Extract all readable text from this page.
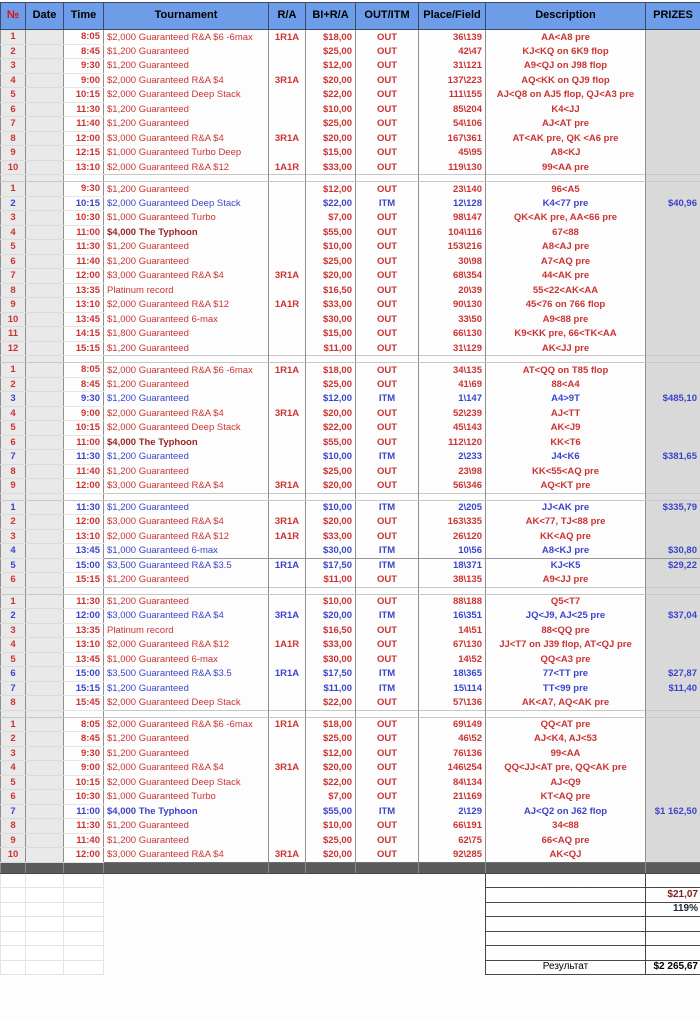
№	Date	Time	Tournament	R/A	BI+R/A	OUT/ITM	Place/Field	Description	PRIZES
1		8:05	$2,000 Guaranteed R&A $6 -6max	1R1A	$18,00	OUT	36\139	AA<A8 pre	
2		8:45	$1,200 Guaranteed		$25,00	OUT	42\47	KJ<KQ on 6K9 flop	
3		9:30	$1,200 Guaranteed		$12,00	OUT	31\121	A9<QJ on J98 flop	
4		9:00	$2,000 Guaranteed R&A $4	3R1A	$20,00	OUT	137\223	AQ<KK on QJ9 flop	
5		10:15	$2,000 Guaranteed Deep Stack		$22,00	OUT	111\155	AJ<Q8 on AJ5 flop, QJ<A3 pre	
6		11:30	$1,200 Guaranteed		$10,00	OUT	85\204	K4<JJ	
7		11:40	$1,200 Guaranteed		$25,00	OUT	54\106	AJ<AT pre	
8		12:00	$3,000 Guaranteed R&A $4	3R1A	$20,00	OUT	167\361	AT<AK pre, QK <A6 pre	
9		12:15	$1,000 Guaranteed Turbo Deep		$15,00	OUT	45\95	A8<KJ	
10		13:10	$2,000 Guaranteed R&A $12	1A1R	$33,00	OUT	119\130	99<AA pre	

1		9:30	$1,200 Guaranteed		$12,00	OUT	23\140	96<A5	
2		10:15	$2,000 Guaranteed Deep Stack		$22,00	ITM	12\128	K4<77 pre	$40,96
3		10:30	$1,000 Guaranteed Turbo		$7,00	OUT	98\147	QK<AK pre, AA<66 pre	
4		11:00	$4,000 The Typhoon		$55,00	OUT	104\116	67<88	
5		11:30	$1,200 Guaranteed		$10,00	OUT	153\216	A8<AJ pre	
6		11:40	$1,200 Guaranteed		$25,00	OUT	30\98	A7<AQ pre	
7		12:00	$3,000 Guaranteed R&A $4	3R1A	$20,00	OUT	68\354	44<AK pre	
8		13:35	Platinum record		$16,50	OUT	20\39	55<22<AK<AA	
9		13:10	$2,000 Guaranteed R&A $12	1A1R	$33,00	OUT	90\130	45<76 on 766 flop	
10		13:45	$1,000 Guaranteed 6-max		$30,00	OUT	33\50	A9<88 pre	
11		14:15	$1,800 Guaranteed		$15,00	OUT	66\130	K9<KK pre, 66<TK<AA	
12		15:15	$1,200 Guaranteed		$11,00	OUT	31\129	AK<JJ pre	

1		8:05	$2,000 Guaranteed R&A $6 -6max	1R1A	$18,00	OUT	34\135	AT<QQ on T85 flop	
2		8:45	$1,200 Guaranteed		$25,00	OUT	41\69	88<A4	
3		9:30	$1,200 Guaranteed		$12,00	ITM	1\147	A4>9T	$485,10
4		9:00	$2,000 Guaranteed R&A $4	3R1A	$20,00	OUT	52\239	AJ<TT	
5		10:15	$2,000 Guaranteed Deep Stack		$22,00	OUT	45\143	AK<J9	
6		11:00	$4,000 The Typhoon		$55,00	OUT	112\120	KK<T6	
7		11:30	$1,200 Guaranteed		$10,00	ITM	2\233	J4<K6	$381,65
8		11:40	$1,200 Guaranteed		$25,00	OUT	23\98	KK<55<AQ pre	
9		12:00	$3,000 Guaranteed R&A $4	3R1A	$20,00	OUT	56\346	AQ<KT pre	

1		11:30	$1,200 Guaranteed		$10,00	ITM	2\205	JJ<AK pre	$335,79
2		12:00	$3,000 Guaranteed R&A $4	3R1A	$20,00	OUT	163\335	AK<77, TJ<88 pre	
3		13:10	$2,000 Guaranteed R&A $12	1A1R	$33,00	OUT	26\120	KK<AQ pre	
4		13:45	$1,000 Guaranteed 6-max		$30,00	ITM	10\56	A8<KJ pre	$30,80
5		15:00	$3,500 Guaranteed R&A $3.5	1R1A	$17,50	ITM	18\371	KJ<K5	$29,22
6		15:15	$1,200 Guaranteed		$11,00	OUT	38\135	A9<JJ pre	

1		11:30	$1,200 Guaranteed		$10,00	OUT	88\188	Q5<T7	
2		12:00	$3,000 Guaranteed R&A $4	3R1A	$20,00	ITM	16\351	JQ<J9, AJ<25 pre	$37,04
3		13:35	Platinum record		$16,50	OUT	14\51	88<QQ pre	
4		13:10	$2,000 Guaranteed R&A $12	1A1R	$33,00	OUT	67\130	JJ<T7 on J39 flop, AT<QJ pre	
5		13:45	$1,000 Guaranteed 6-max		$30,00	OUT	14\52	QQ<A3 pre	
6		15:00	$3,500 Guaranteed R&A $3.5	1R1A	$17,50	ITM	18\365	77<TT pre	$27,87
7		15:15	$1,200 Guaranteed		$11,00	ITM	15\114	TT<99 pre	$11,40
8		15:45	$2,000 Guaranteed Deep Stack		$22,00	OUT	57\136	AK<A7, AQ<AK pre	

1		8:05	$2,000 Guaranteed R&A $6 -6max	1R1A	$18,00	OUT	69\149	QQ<AT pre	
2		8:45	$1,200 Guaranteed		$25,00	OUT	46\52	AJ<K4, AJ<53	
3		9:30	$1,200 Guaranteed		$12,00	OUT	76\136	99<AA	
4		9:00	$2,000 Guaranteed R&A $4	3R1A	$20,00	OUT	146\254	QQ<JJ<AT pre, QQ<AK pre	
5		10:15	$2,000 Guaranteed Deep Stack		$22,00	OUT	84\134	AJ<Q9	
6		10:30	$1,000 Guaranteed Turbo		$7,00	OUT	21\169	KT<AQ pre	
7		11:00	$4,000 The Typhoon		$55,00	ITM	2\129	AJ<Q2 on J62 flop	$1 162,50
8		11:30	$1,200 Guaranteed		$10,00	OUT	66\191	34<88	
9		11:40	$1,200 Guaranteed		$25,00	OUT	62\75	66<AQ pre	
10		12:00	$3,000 Guaranteed R&A $4	3R1A	$20,00	OUT	92\285	AK<QJ	

								Summa BI	$1 159,00
								ABI	$21,07
								ROI	119%
								PRIZES	$2 542,33
								PROFIT	$1 383,33

								Результат	$2 265,67
